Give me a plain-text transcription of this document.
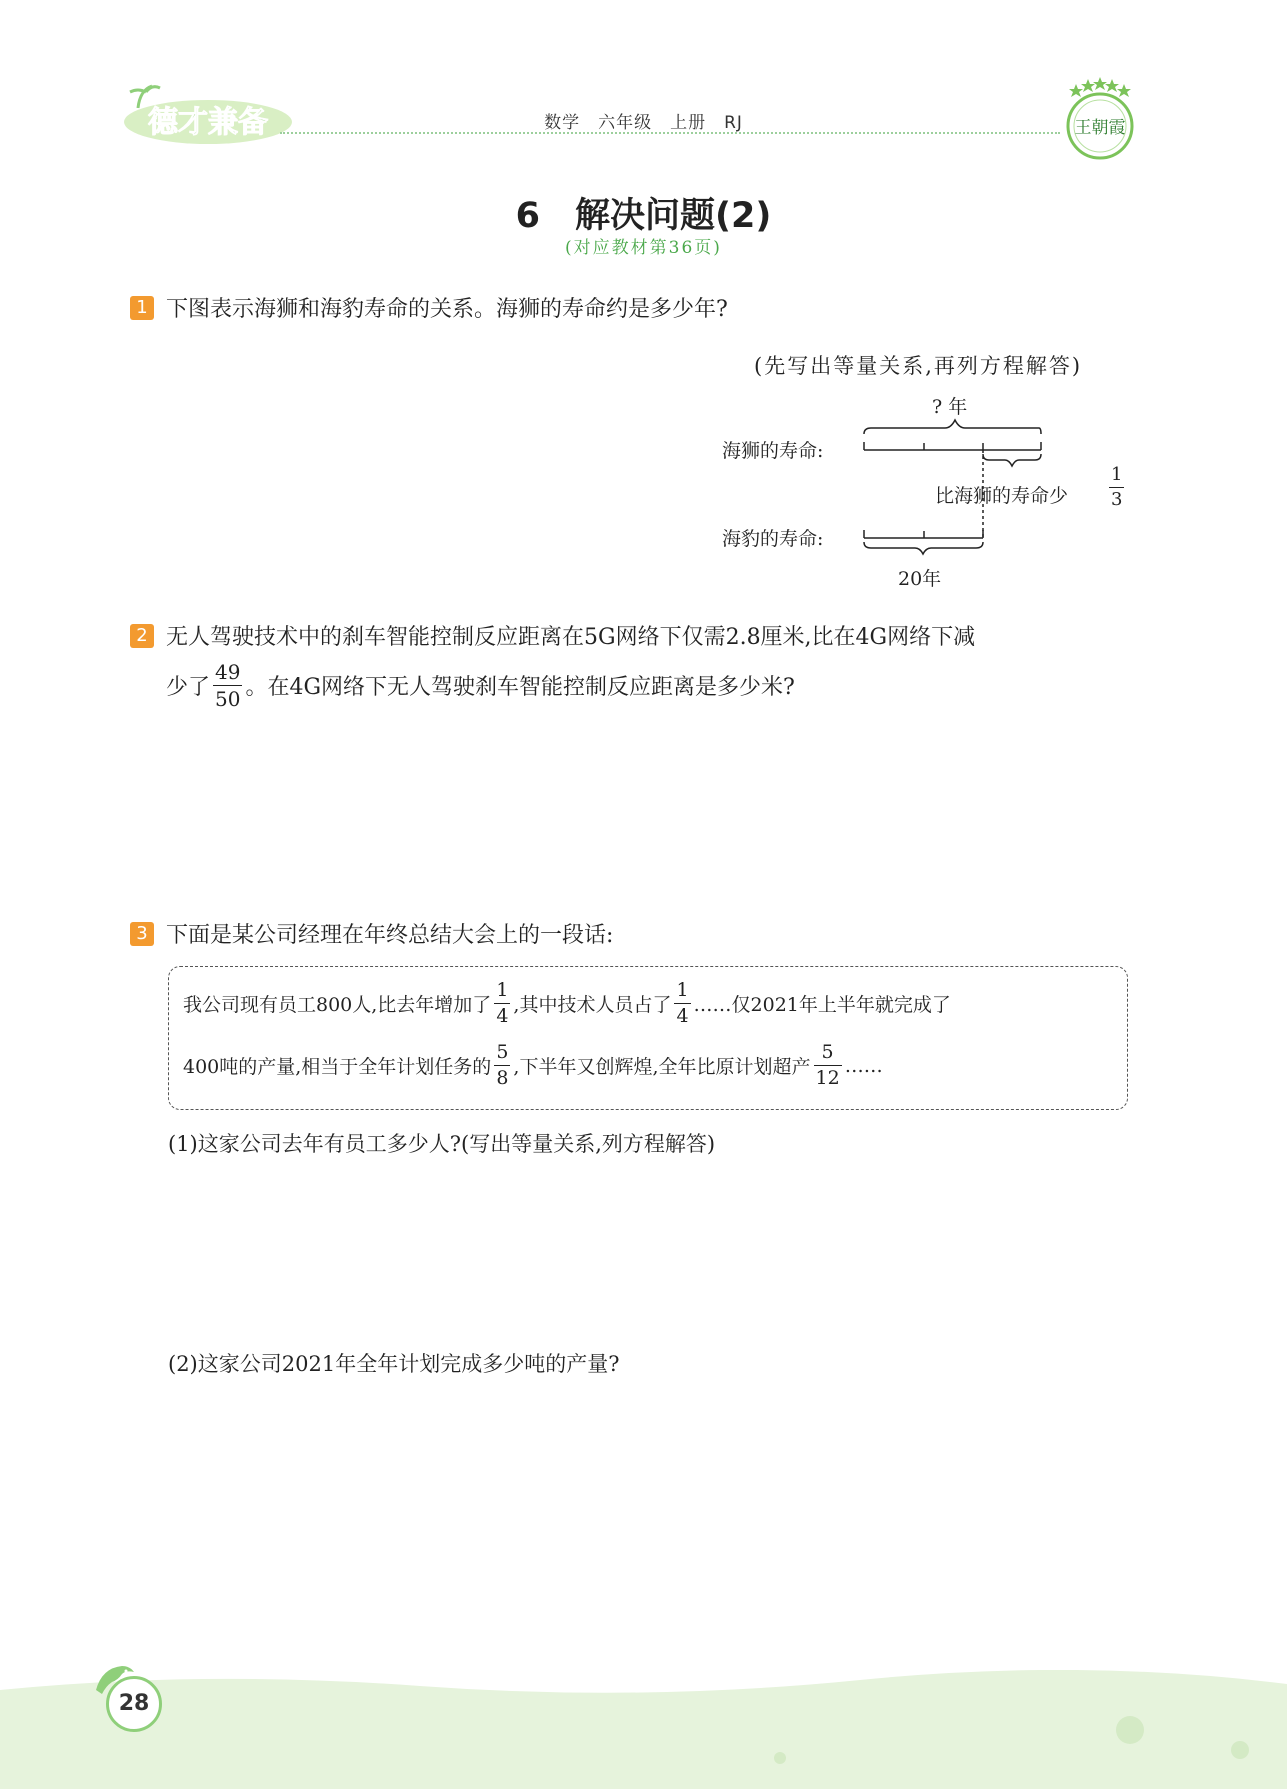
德才兼备	数学　六年级　上册　RJ	王朝霞
6　解决问题(2)
(对应教材第36页)
1 下图表示海狮和海豹寿命的关系。海狮的寿命约是多少年?
(先写出等量关系,再列方程解答)
? 年
海狮的寿命:
比海狮的寿命少 $\frac{1}{3}$
海豹的寿命:
20年
2 无人驾驶技术中的刹车智能控制反应距离在5G网络下仅需2.8厘米,比在4G网络下减
少了 $\frac{49}{50}$ 。在4G网络下无人驾驶刹车智能控制反应距离是多少米?
3 下面是某公司经理在年终总结大会上的一段话:
我公司现有员工800人,比去年增加了 $\frac{1}{4}$ ,其中技术人员占了 $\frac{1}{4}$ ……仅2021年上半年就完成了
400吨的产量,相当于全年计划任务的 $\frac{5}{8}$ ,下半年又创辉煌,全年比原计划超产 $\frac{5}{12}$ ……
(1)这家公司去年有员工多少人?(写出等量关系,列方程解答)
(2)这家公司2021年全年计划完成多少吨的产量?
28
